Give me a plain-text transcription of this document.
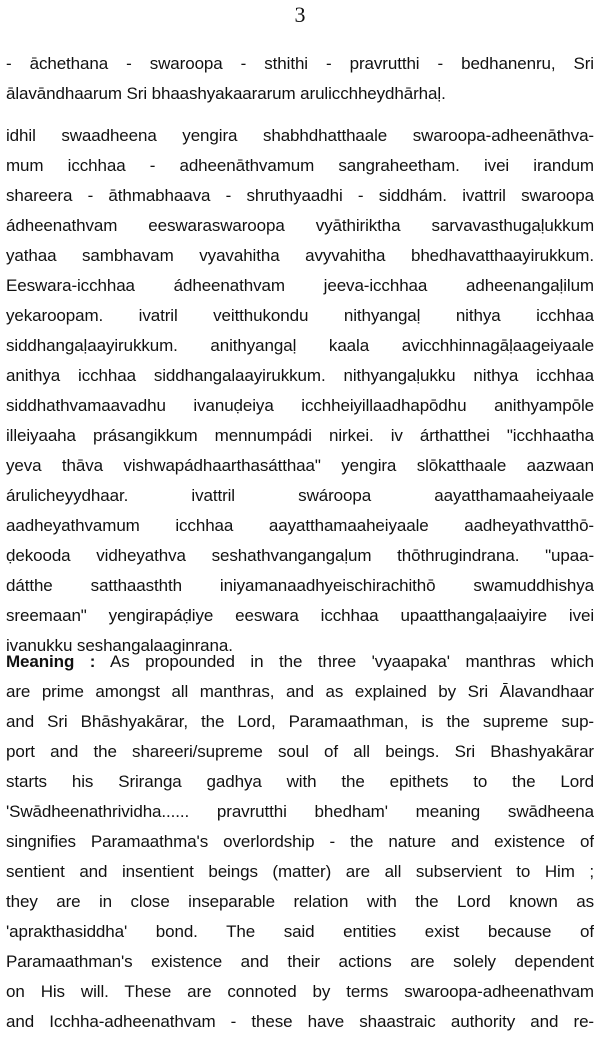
3
- āchethana - swaroopa - sthithi - pravrutthi - bedhanenru, Sri
ālavāndhaarum Sri bhaashyakaararum arulicchheydhārhaḷ.
idhil swaadheena yengira shabhdhatthaale swaroopa-adheenāthva-
mum icchhaa - adheenāthvamum sangraheetham. ivei irandum
shareera - āthmabhaava - shruthyaadhi - siddhám. ivattril swaroopa
ádheenathvam eeswaraswaroopa vyāthiriktha sarvavasthugaḷukkum
yathaa sambhavam vyavahitha avyvahitha bhedhavatthaayirukkum.
Eeswara-icchhaa ádheenathvam jeeva-icchhaa adheenangaḷilum
yekaroopam. ivatril veitthukondu nithyangaḷ nithya icchhaa
siddhangaḷaayirukkum. anithyangaḷ kaala avicchhinnagāḷaageiyaale
anithya icchhaa siddhangalaayirukkum. nithyangaḷukku nithya icchhaa
siddhathvamaavadhu ivanuḍeiya icchheiyillaadhapōdhu anithyampōle
illeiyaaha prásangikkum mennumpádi nirkei. iv árthatthei "icchhaatha
yeva thāva vishwapádhaarthasátthaa" yengira slōkatthaale aazwaan
árulicheyydhaar. ivattril swároopa aayatthamaaheiyaale
aadheyathvamum icchhaa aayatthamaaheiyaale aadheyathvatthō-
ḍekooda vidheyathva seshathvangangaḷum thōthrugindrana. "upaa-
dátthe satthaasthth iniyamanaadhyeischirachithō swamuddhishya
sreemaan" yengirapáḍiye eeswara icchhaa upaatthangaḷaaiyire ivei
ivanukku seshangalaaginrana.
Meaning : As propounded in the three 'vyaapaka' manthras which
are prime amongst all manthras, and as explained by Sri Ālavandhaar
and Sri Bhāshyakārar, the Lord, Paramaathman, is the supreme sup-
port and the shareeri/supreme soul of all beings. Sri Bhashyakārar
starts his Sriranga gadhya with the epithets to the Lord
'Swādheenathrividha...... pravrutthi bhedham' meaning swādheena
singnifies Paramaathma's overlordship - the nature and existence of
sentient and insentient beings (matter) are all subservient to Him ;
they are in close inseparable relation with the Lord known as
'aprakthasiddha' bond. The said entities exist because of
Paramaathman's existence and their actions are solely dependent
on His will. These are connoted by terms swaroopa-adheenathvam
and Icchha-adheenathvam - these have shaastraic authority and re-
